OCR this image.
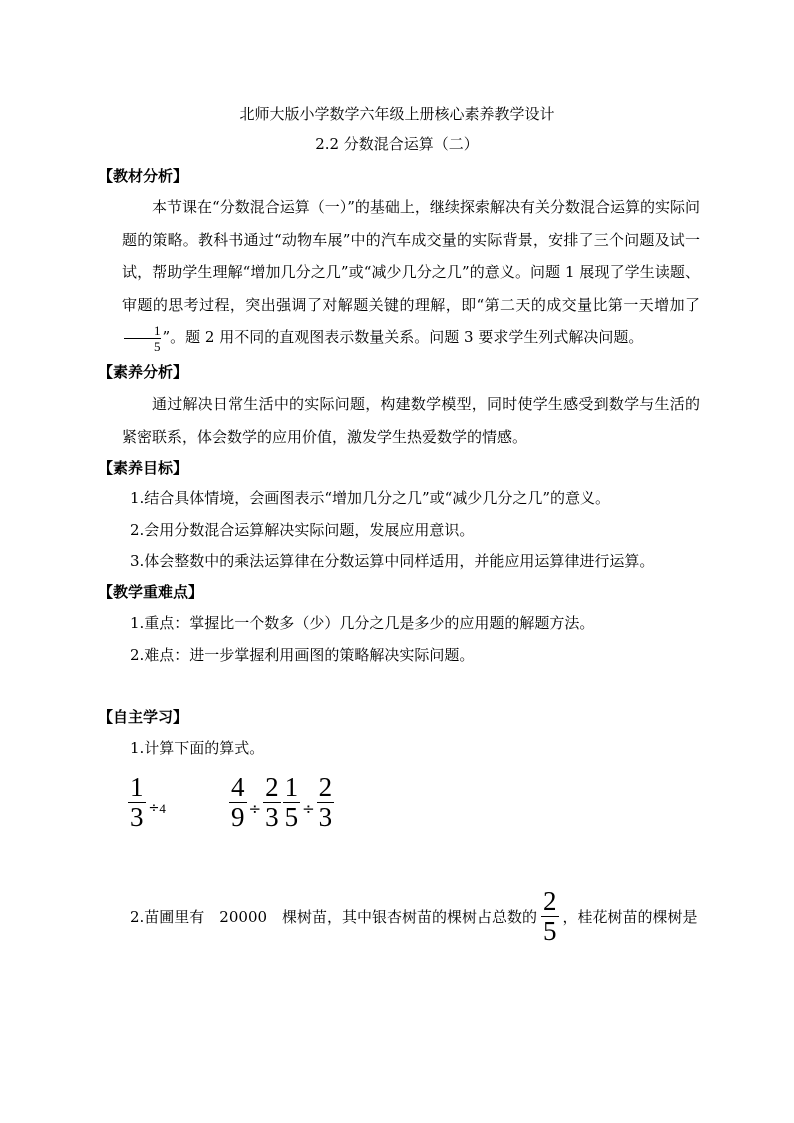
北师大版小学数学六年级上册核心素养教学设计
2.2 分数混合运算（二）
【教材分析】
本节课在“分数混合运算（一）”的基础上，继续探索解决有关分数混合运算的实际问题的策略。教科书通过“动物车展”中的汽车成交量的实际背景，安排了三个问题及试一试，帮助学生理解“增加几分之几”或“减少几分之几”的意义。问题 1 展现了学生读题、审题的思考过程，突出强调了对解题关键的理解，即“第二天的成交量比第一天增加了
$\frac{1}{5}$ ”。题 2 用不同的直观图表示数量关系。问题 3 要求学生列式解决问题。
【素养分析】
通过解决日常生活中的实际问题，构建数学模型，同时使学生感受到数学与生活的紧密联系，体会数学的应用价值，激发学生热爱数学的情感。
【素养目标】
1.结合具体情境，会画图表示“增加几分之几”或“减少几分之几”的意义。
2.会用分数混合运算解决实际问题，发展应用意识。
3.体会整数中的乘法运算律在分数运算中同样适用，并能应用运算律进行运算。
【教学重难点】
1.重点：掌握比一个数多（少）几分之几是多少的应用题的解题方法。
2.难点：进一步掌握利用画图的策略解决实际问题。
【自主学习】
1.计算下面的算式。
$\frac{1}{3} \div 4 \frac{4}{9} \div \frac{2}{3} \frac{1}{5} \div \frac{2}{3}$
2.苗圃里有　20000　棵树苗，其中银杏树苗的棵树占总数的 $\frac{2}{5}$ ，桂花树苗的棵树是
